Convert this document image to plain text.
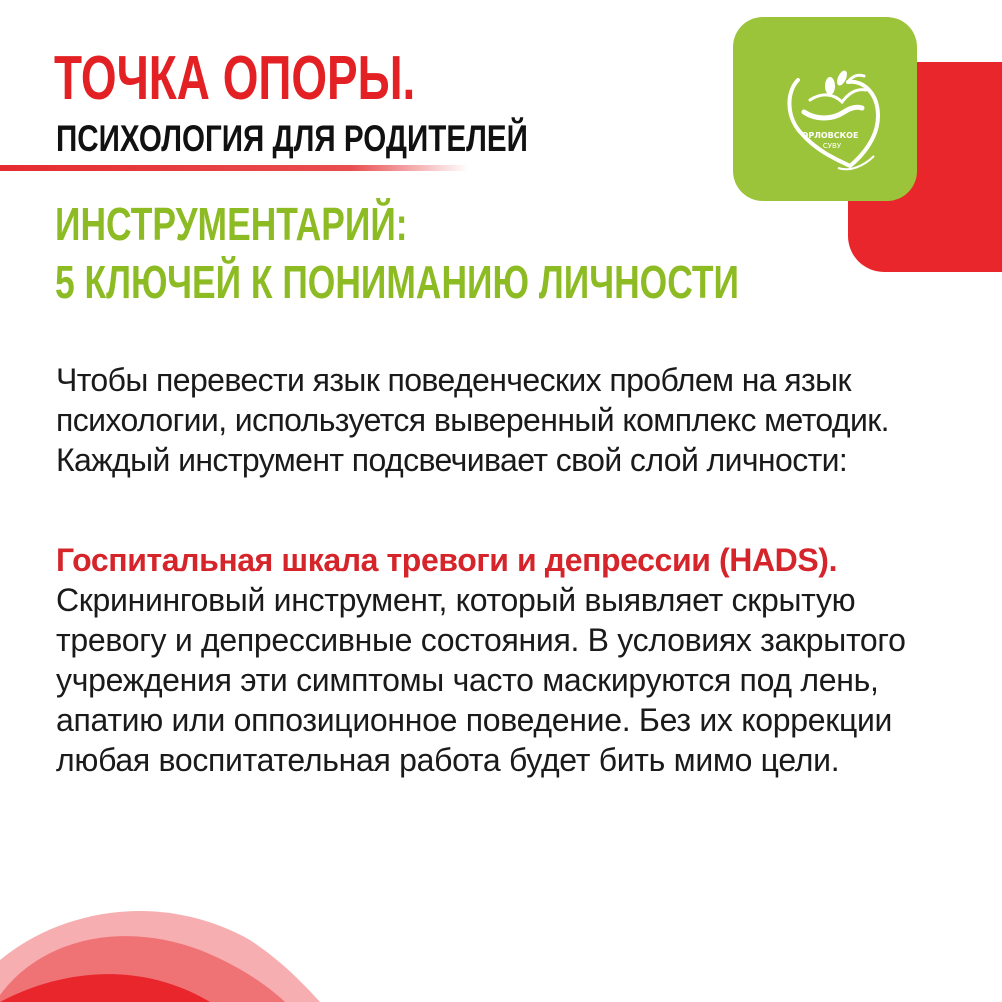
ОРЛОВСКОЕ
СУВУ
ТОЧКА ОПОРЫ.
ПСИХОЛОГИЯ ДЛЯ РОДИТЕЛЕЙ
ИНСТРУМЕНТАРИЙ:
5 КЛЮЧЕЙ К ПОНИМАНИЮ ЛИЧНОСТИ

Чтобы перевести язык поведенческих проблем на язык психологии, используется выверенный комплекс методик. Каждый инструмент подсвечивает свой слой личности:

Госпитальная шкала тревоги и депрессии (HADS). Скрининговый инструмент, который выявляет скрытую тревогу и депрессивные состояния. В условиях закрытого учреждения эти симптомы часто маскируются под лень, апатию или оппозиционное поведение. Без их коррекции любая воспитательная работа будет бить мимо цели.
